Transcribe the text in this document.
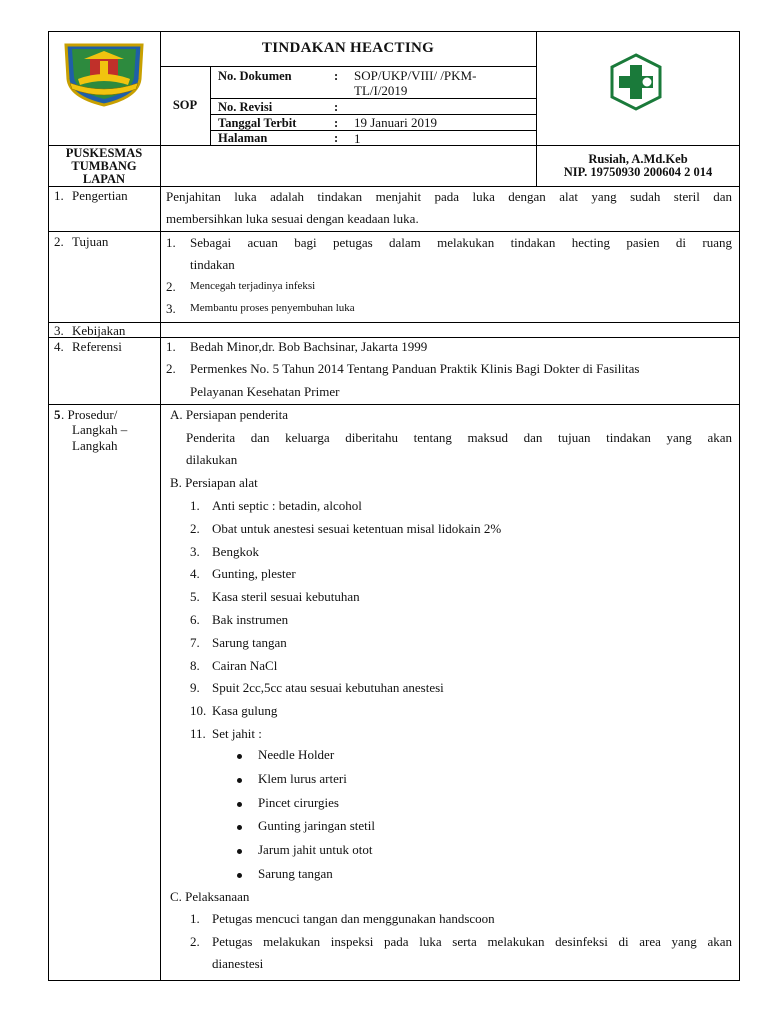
TINDAKAN HEACTING
SOP
No. Dokumen	: SOP/UKP/VIII/ /PKM-
TL/I/2019
No. Revisi	:
Tanggal Terbit	: 19 Januari 2019
Halaman	: 1
PUSKESMAS
TUMBANG
LAPAN
Rusiah, A.Md.Keb
NIP. 19750930 200604 2 014
1. Pengertian	Penjahitan luka adalah tindakan menjahit pada luka dengan alat yang sudah steril dan
membersihkan luka sesuai dengan keadaan luka.
2. Tujuan	1. Sebagai acuan bagi petugas dalam melakukan tindakan hecting pasien di ruang
tindakan
2. Mencegah terjadinya infeksi
3. Membantu proses penyembuhan luka
3. Kebijakan
4. Referensi	1. Bedah Minor,dr. Bob Bachsinar, Jakarta 1999
2. Permenkes No. 5 Tahun 2014 Tentang Panduan Praktik Klinis Bagi Dokter di Fasilitas
Pelayanan Kesehatan Primer
5 . Prosedur/
Langkah –
Langkah
A. Persiapan penderita
Penderita dan keluarga diberitahu tentang maksud dan tujuan tindakan yang akan
dilakukan
B. Persiapan alat
1. Anti septic : betadin, alcohol
2. Obat untuk anestesi sesuai ketentuan misal lidokain 2%
3. Bengkok
4. Gunting, plester
5. Kasa steril sesuai kebutuhan
6. Bak instrumen
7. Sarung tangan
8. Cairan NaCl
9. Spuit 2cc,5cc atau sesuai kebutuhan anestesi
10. Kasa gulung
11. Set jahit :
Needle Holder
Klem lurus arteri
Pincet cirurgies
Gunting jaringan stetil
Jarum jahit untuk otot
Sarung tangan
C. Pelaksanaan
1. Petugas mencuci tangan dan menggunakan handscoon
2. Petugas melakukan inspeksi pada luka serta melakukan desinfeksi di area yang akan
dianestesi
